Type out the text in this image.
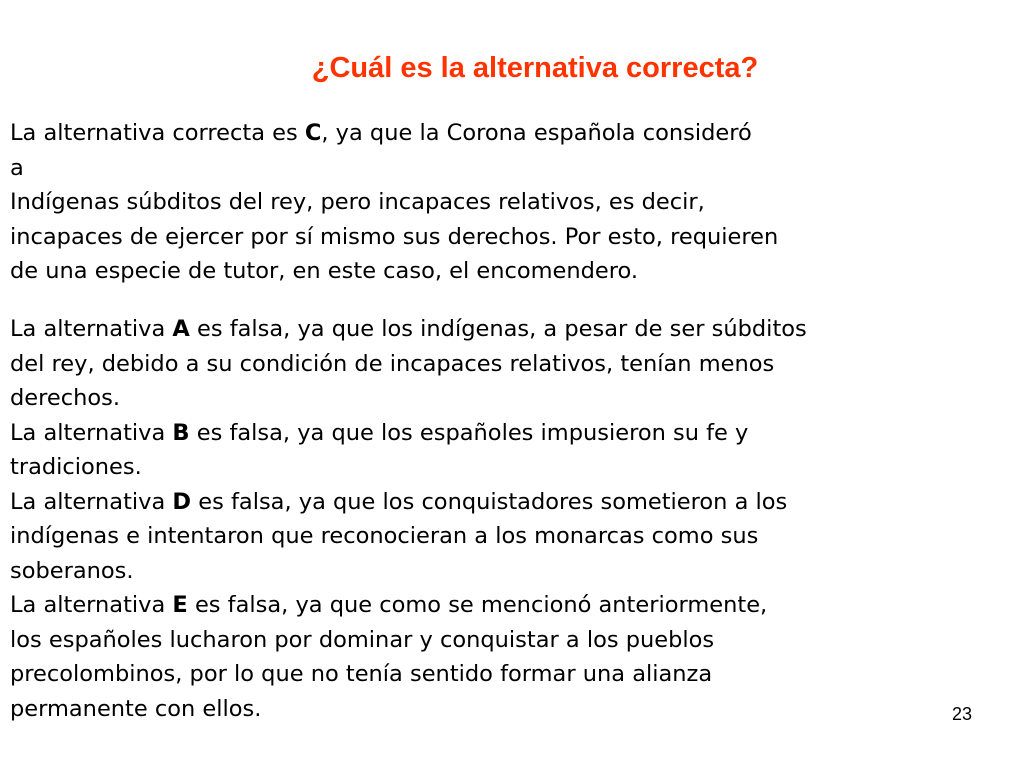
¿Cuál es la alternativa correcta?
La alternativa correcta es C, ya que la Corona española consideró
a
Indígenas súbditos del rey, pero incapaces relativos, es decir,
incapaces de ejercer por sí mismo sus derechos. Por esto, requieren
de una especie de tutor, en este caso, el encomendero.
La alternativa A es falsa, ya que los indígenas, a pesar de ser súbditos
del rey, debido a su condición de incapaces relativos, tenían menos
derechos.
La alternativa B es falsa, ya que los españoles impusieron su fe y
tradiciones.
La alternativa D es falsa, ya que los conquistadores sometieron a los
indígenas e intentaron que reconocieran a los monarcas como sus
soberanos.
La alternativa E es falsa, ya que como se mencionó anteriormente,
los españoles lucharon por dominar y conquistar a los pueblos
precolombinos, por lo que no tenía sentido formar una alianza
permanente con ellos.	23
